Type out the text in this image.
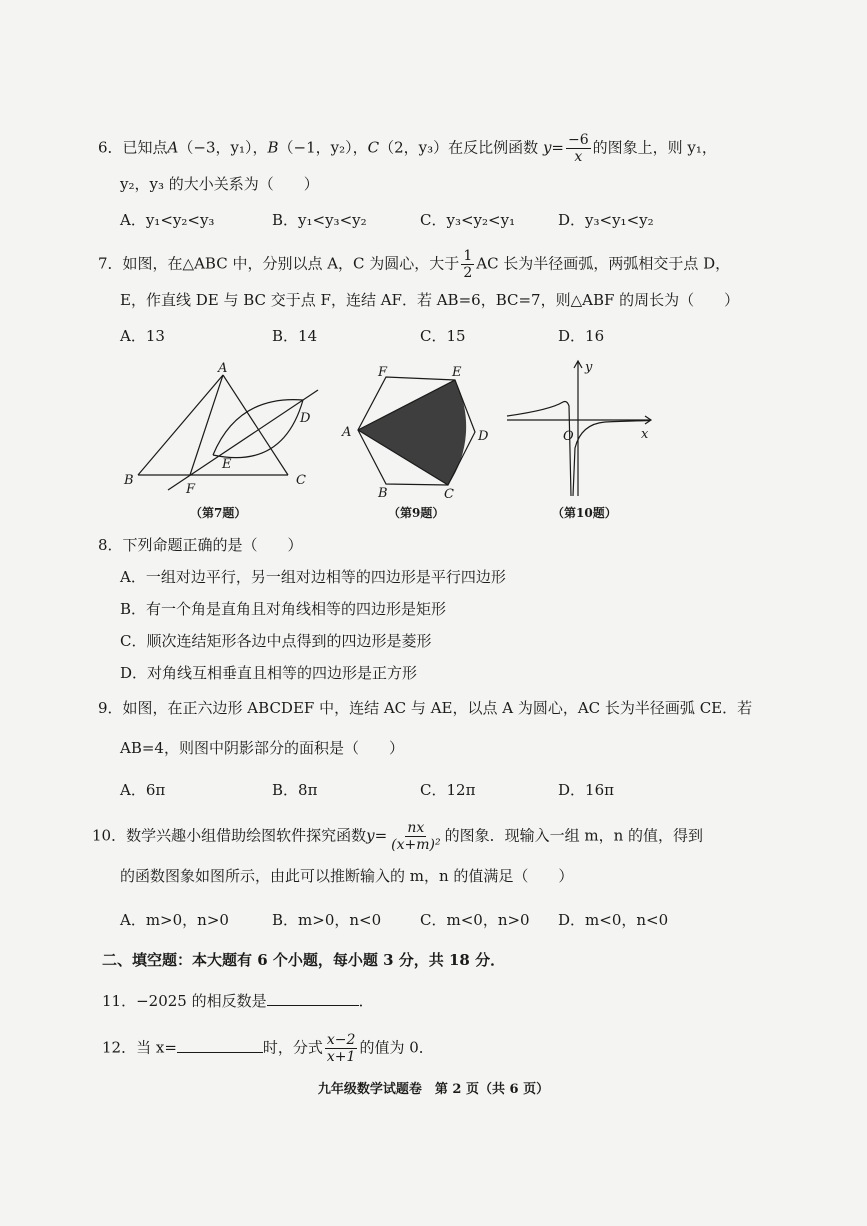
6．已知点A（−3，y₁），B（−1，y₂），C（2，y₃）在反比例函数 $y= \frac{-6}{x}$ 的图象上，则 y₁，
y₂，y₃ 的大小关系为（　　）
A．y₁<y₂<y₃	B．y₁<y₃<y₂	C．y₃<y₂<y₁	D．y₃<y₁<y₂
7．如图，在△ABC 中，分别以点 A，C 为圆心，大于 $\frac{1}{2}$ AC 长为半径画弧，两弧相交于点 D，
E，作直线 DE 与 BC 交于点 F，连结 AF．若 AB=6，BC=7，则△ABF 的周长为（　　）
A．13	B．14	C．15	D．16
A
B	C
D
E
F
（第7题）
A
B	C
D
E
F
（第9题）
y
O	x
（第10题）
8．下列命题正确的是（　　）
A．一组对边平行，另一组对边相等的四边形是平行四边形
B．有一个角是直角且对角线相等的四边形是矩形
C．顺次连结矩形各边中点得到的四边形是菱形
D．对角线互相垂直且相等的四边形是正方形
9．如图，在正六边形 ABCDEF 中，连结 AC 与 AE，以点 A 为圆心，AC 长为半径画弧 CE．若
AB=4，则图中阴影部分的面积是（　　）
A．6π	B．8π	C．12π	D．16π
10．数学兴趣小组借助绘图软件探究函数$y= \frac{nx}{\text{(x+m)²}}$ 的图象．现输入一组 m，n 的值，得到
的函数图象如图所示，由此可以推断输入的 m，n 的值满足（　　）
A．m>0，n>0	B．m>0，n<0	C．m<0，n>0 D．m<0，n<0
二、填空题：本大题有 6 个小题，每小题 3 分，共 18 分．
11．−2025 的相反数是	．
12．当 x=	时，分式 $\frac{x-2}{x+1}$ 的值为 0．
九年级数学试题卷　第 2 页（共 6 页）
